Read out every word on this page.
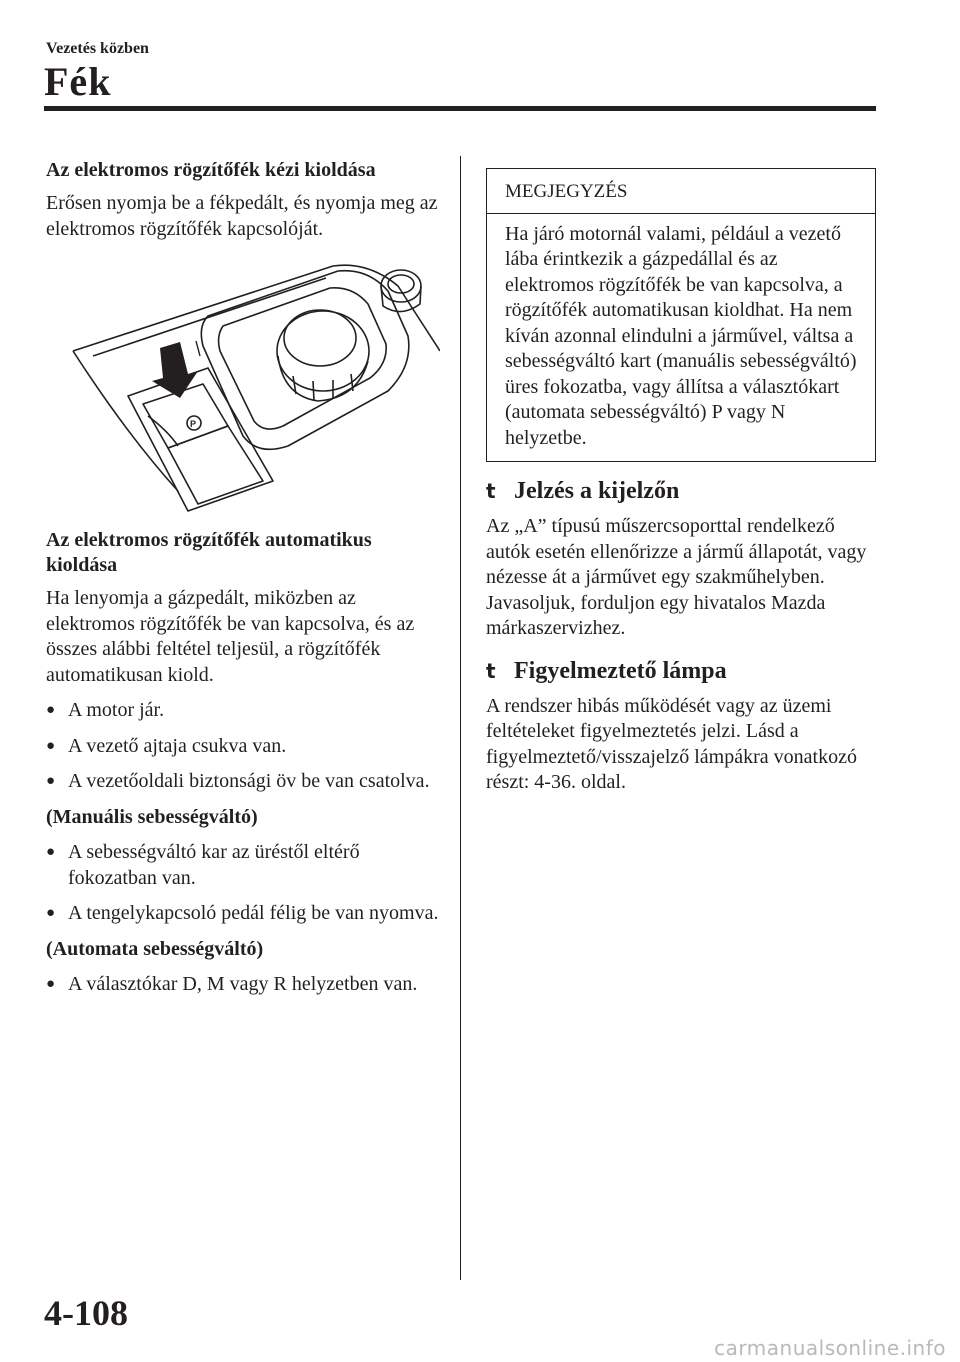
Vezetés közben
Fék
Az elektromos rögzítőfék kézi kioldása

Erősen nyomja be a fékpedált, és nyomja meg az elektromos rögzítőfék kapcsolóját.

P
Az elektromos rögzítőfék automatikus kioldása

Ha lenyomja a gázpedált, miközben az elektromos rögzítőfék be van kapcsolva, és az összes alábbi feltétel teljesül, a rögzítőfék automatikusan kiold.

● A motor jár.
● A vezető ajtaja csukva van.
● A vezetőoldali biztonsági öv be van csatolva.
(Manuális sebességváltó)
● A sebességváltó kar az üréstől eltérő fokozatban van.
● A tengelykapcsoló pedál félig be van nyomva.
(Automata sebességváltó)
● A választókar D, M vagy R helyzetben van.
MEGJEGYZÉS
Ha járó motornál valami, például a vezető lába érintkezik a gázpedállal és az elektromos rögzítőfék be van kapcsolva, a rögzítőfék automatikusan kioldhat. Ha nem kíván azonnal elindulni a járművel, váltsa a sebességváltó kart (manuális sebességváltó) üres fokozatba, vagy állítsa a választókart (automata sebességváltó) P vagy N helyzetbe.
t Jelzés a kijelzőn

Az „A” típusú műszercsoporttal rendelkező autók esetén ellenőrizze a jármű állapotát, vagy nézesse át a járművet egy szakműhelyben. Javasoljuk, forduljon egy hivatalos Mazda márkaszervizhez.

t Figyelmeztető lámpa

A rendszer hibás működését vagy az üzemi feltételeket figyelmeztetés jelzi. Lásd a figyelmeztető/visszajelző lámpákra vonatkozó részt: 4-36. oldal.

4-108
carmanualsonline.info
